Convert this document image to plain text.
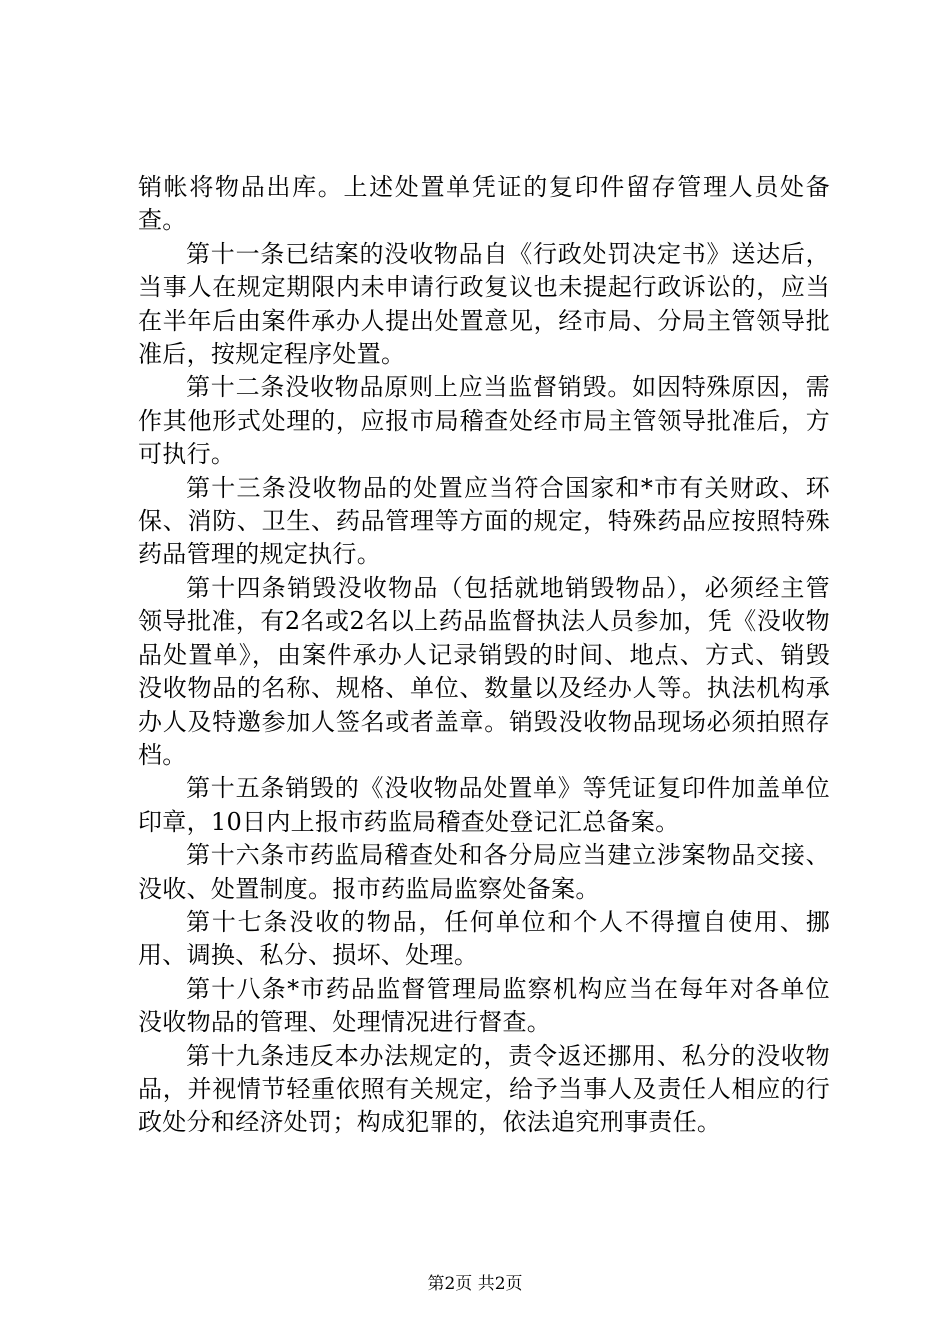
销帐将物品出库。上述处置单凭证的复印件留存管理人员处备查。

第十一条已结案的没收物品自《行政处罚决定书》送达后，当事人在规定期限内未申请行政复议也未提起行政诉讼的，应当在半年后由案件承办人提出处置意见，经市局、分局主管领导批准后，按规定程序处置。

第十二条没收物品原则上应当监督销毁。如因特殊原因，需作其他形式处理的，应报市局稽查处经市局主管领导批准后，方可执行。

第十三条没收物品的处置应当符合国家和*市有关财政、环保、消防、卫生、药品管理等方面的规定，特殊药品应按照特殊药品管理的规定执行。

第十四条销毁没收物品（包括就地销毁物品），必须经主管领导批准，有2名或2名以上药品监督执法人员参加，凭《没收物品处置单》，由案件承办人记录销毁的时间、地点、方式、销毁没收物品的名称、规格、单位、数量以及经办人等。执法机构承办人及特邀参加人签名或者盖章。销毁没收物品现场必须拍照存档。

第十五条销毁的《没收物品处置单》等凭证复印件加盖单位印章，10日内上报市药监局稽查处登记汇总备案。

第十六条市药监局稽查处和各分局应当建立涉案物品交接、没收、处置制度。报市药监局监察处备案。

第十七条没收的物品，任何单位和个人不得擅自使用、挪用、调换、私分、损坏、处理。

第十八条*市药品监督管理局监察机构应当在每年对各单位没收物品的管理、处理情况进行督查。

第十九条违反本办法规定的，责令返还挪用、私分的没收物品，并视情节轻重依照有关规定，给予当事人及责任人相应的行政处分和经济处罚；构成犯罪的，依法追究刑事责任。

第2页 共2页
